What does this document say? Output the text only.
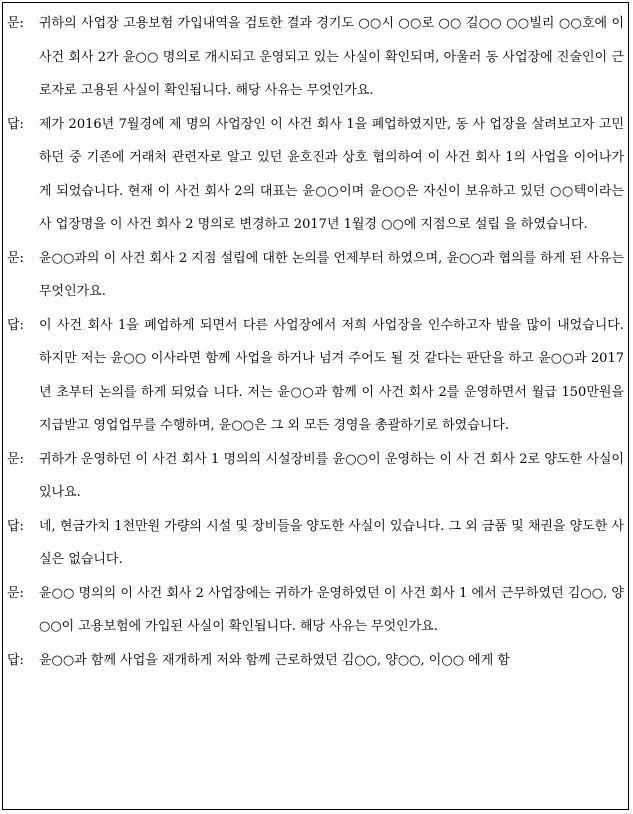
문:	귀하의 사업장 고용보험 가입내역을 검토한 결과 경기도 ○○시 ○○로 ○○ 길○○ ○○빌리 ○○호에 이 사건 회사 2가 윤○○ 명의로 개시되고 운영되고 있는 사실이 확인되며, 아울러 동 사업장에 진술인이 근로자로 고용된 사실이 확인됩니다. 해당 사유는 무엇인가요.
답:	제가 2016년 7월경에 제 명의 사업장인 이 사건 회사 1을 폐업하였지만, 동 사 업장을 살려보고자 고민하던 중 기존에 거래처 관련자로 알고 있던 윤호진과 상호 협의하여 이 사건 회사 1의 사업을 이어나가게 되었습니다. 현재 이 사건 회사 2의 대표는 윤○○이며 윤○○은 자신이 보유하고 있던 ○○텍이라는 사 업장명을 이 사건 회사 2 명의로 변경하고 2017년 1월경 ○○에 지점으로 설립 을 하였습니다.
문:	윤○○과의 이 사건 회사 2 지점 설립에 대한 논의를 언제부터 하였으며, 윤○○과 협의를 하게 된 사유는 무엇인가요.
답:	이 사건 회사 1을 폐업하게 되면서 다른 사업장에서 저희 사업장을 인수하고자 밤을 많이 내었습니다. 하지만 저는 윤○○ 이사라면 함께 사업을 하거나 넘겨 주어도 될 것 같다는 판단을 하고 윤○○과 2017년 초부터 논의를 하게 되었습 니다. 저는 윤○○과 함께 이 사건 회사 2를 운영하면서 월급 150만원을 지급받고 영업업무를 수행하며, 윤○○은 그 외 모든 경영을 총괄하기로 하였습니다.
문:	귀하가 운영하던 이 사건 회사 1 명의의 시설장비를 윤○○이 운영하는 이 사 건 회사 2로 양도한 사실이 있나요.
답:	네, 현금가치 1천만원 가량의 시설 및 장비들을 양도한 사실이 있습니다. 그 외 금품 및 채권을 양도한 사실은 없습니다.
문:	윤○○ 명의의 이 사건 회사 2 사업장에는 귀하가 운영하였던 이 사건 회사 1 에서 근무하였던 김○○, 양○○이 고용보험에 가입된 사실이 확인됩니다. 해당 사유는 무엇인가요.
답:	윤○○과 함께 사업을 재개하게 저와 함께 근로하였던 김○○, 양○○, 이○○ 에게 함
